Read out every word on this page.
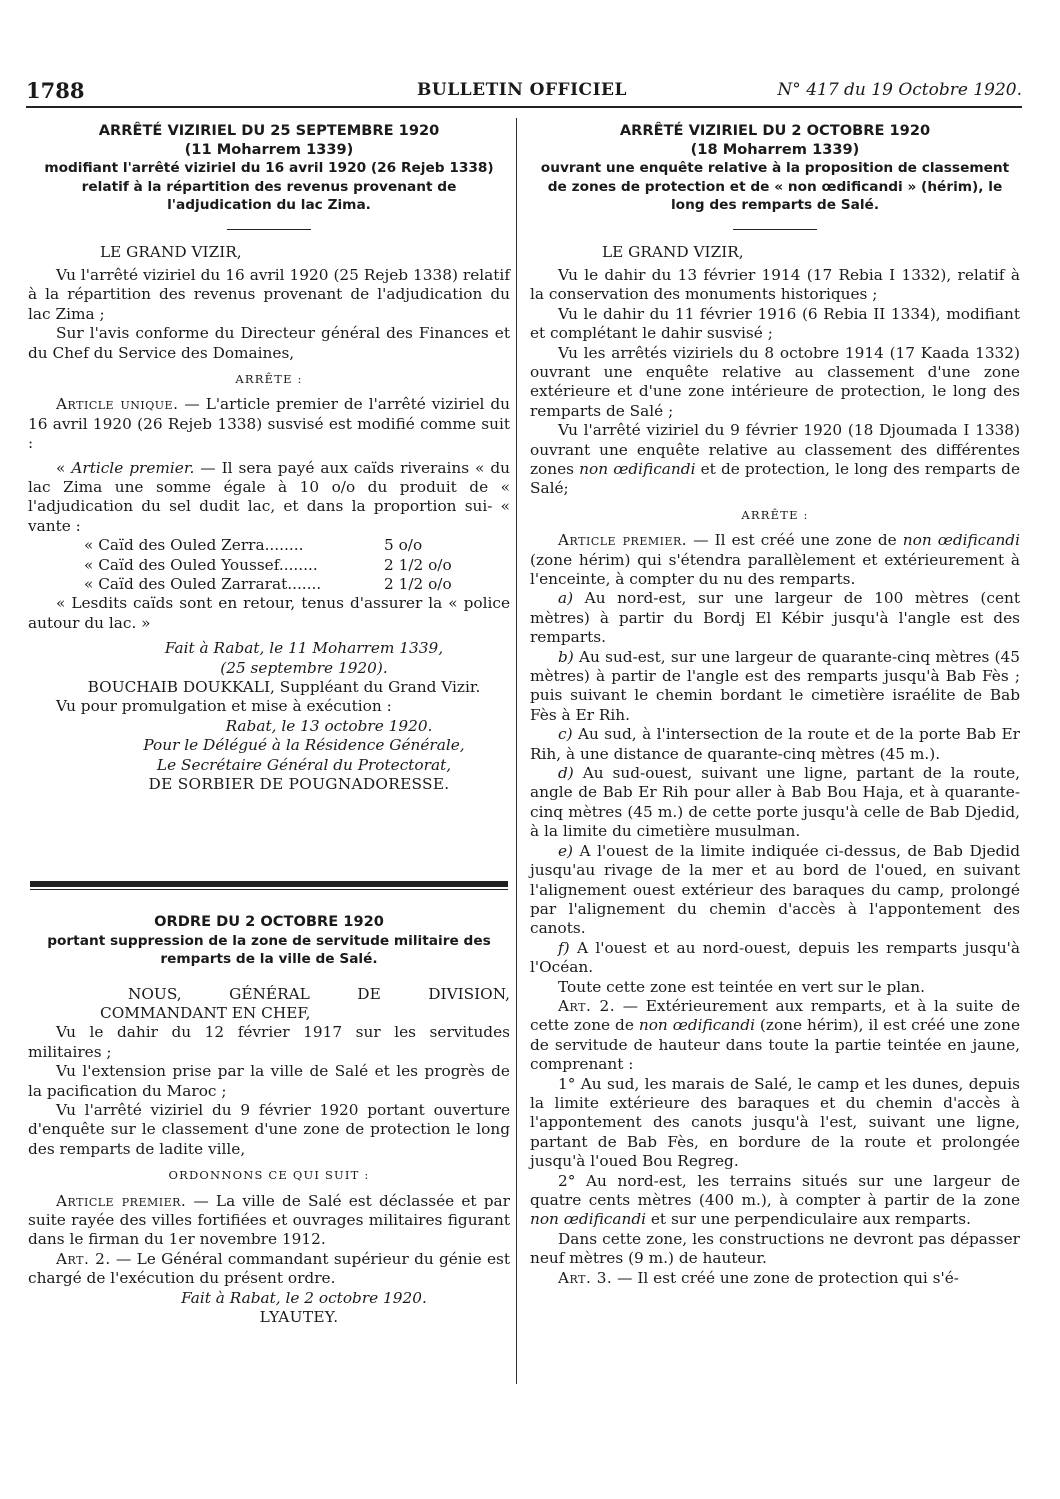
1788	BULLETIN OFFICIEL	N° 417 du 19 Octobre 1920.
ARRÊTÉ VIZIRIEL DU 25 SEPTEMBRE 1920
(11 Moharrem 1339)
modifiant l'arrêté viziriel du 16 avril 1920 (26 Rejeb 1338) relatif à la répartition des revenus provenant de l'adjudication du lac Zima.
LE GRAND VIZIR,

Vu l'arrêté viziriel du 16 avril 1920 (25 Rejeb 1338) relatif à la répartition des revenus provenant de l'adjudication du lac Zima ;

Sur l'avis conforme du Directeur général des Finances et du Chef du Service des Domaines,

ARRÊTE :

Article unique. — L'article premier de l'arrêté viziriel du 16 avril 1920 (26 Rejeb 1338) susvisé est modifié comme suit :

« Article premier. — Il sera payé aux caïds riverains « du lac Zima une somme égale à 10 o/o du produit de « l'adjudication du sel dudit lac, et dans la proportion sui- « vante :

« Caïd des Ouled Zerra........	5 o/o
« Caïd des Ouled Youssef........	2 1/2 o/o
« Caïd des Ouled Zarrarat.......	2 1/2 o/o

« Lesdits caïds sont en retour, tenus d'assurer la « police autour du lac. »

Fait à Rabat, le 11 Moharrem 1339,
(25 septembre 1920).
BOUCHAIB DOUKKALI, Suppléant du Grand Vizir.

Vu pour promulgation et mise à exécution :

Rabat, le 13 octobre 1920.
Pour le Délégué à la Résidence Générale,
Le Secrétaire Général du Protectorat,
DE SORBIER DE POUGNADORESSE.
ORDRE DU 2 OCTOBRE 1920
portant suppression de la zone de servitude militaire des remparts de la ville de Salé.

NOUS, GÉNÉRAL DE DIVISION, COMMANDANT EN CHEF,

Vu le dahir du 12 février 1917 sur les servitudes militaires ;

Vu l'extension prise par la ville de Salé et les progrès de la pacification du Maroc ;

Vu l'arrêté viziriel du 9 février 1920 portant ouverture d'enquête sur le classement d'une zone de protection le long des remparts de ladite ville,

ORDONNONS CE QUI SUIT :

Article premier. — La ville de Salé est déclassée et par suite rayée des villes fortifiées et ouvrages militaires figurant dans le firman du 1er novembre 1912.

Art. 2. — Le Général commandant supérieur du génie est chargé de l'exécution du présent ordre.

Fait à Rabat, le 2 octobre 1920.
LYAUTEY.
ARRÊTÉ VIZIRIEL DU 2 OCTOBRE 1920
(18 Moharrem 1339)
ouvrant une enquête relative à la proposition de classement de zones de protection et de « non œdificandi » (hérim), le long des remparts de Salé.
LE GRAND VIZIR,

Vu le dahir du 13 février 1914 (17 Rebia I 1332), relatif à la conservation des monuments historiques ;

Vu le dahir du 11 février 1916 (6 Rebia II 1334), modifiant et complétant le dahir susvisé ;

Vu les arrêtés viziriels du 8 octobre 1914 (17 Kaada 1332) ouvrant une enquête relative au classement d'une zone extérieure et d'une zone intérieure de protection, le long des remparts de Salé ;

Vu l'arrêté viziriel du 9 février 1920 (18 Djoumada I 1338) ouvrant une enquête relative au classement des différentes zones non œdificandi et de protection, le long des remparts de Salé;

ARRÊTE :

Article premier. — Il est créé une zone de non œdificandi (zone hérim) qui s'étendra parallèlement et extérieurement à l'enceinte, à compter du nu des remparts.

a) Au nord-est, sur une largeur de 100 mètres (cent mètres) à partir du Bordj El Kébir jusqu'à l'angle est des remparts.

b) Au sud-est, sur une largeur de quarante-cinq mètres (45 mètres) à partir de l'angle est des remparts jusqu'à Bab Fès ; puis suivant le chemin bordant le cimetière israélite de Bab Fès à Er Rih.

c) Au sud, à l'intersection de la route et de la porte Bab Er Rih, à une distance de quarante-cinq mètres (45 m.).

d) Au sud-ouest, suivant une ligne, partant de la route, angle de Bab Er Rih pour aller à Bab Bou Haja, et à quarante-cinq mètres (45 m.) de cette porte jusqu'à celle de Bab Djedid, à la limite du cimetière musulman.

e) A l'ouest de la limite indiquée ci-dessus, de Bab Djedid jusqu'au rivage de la mer et au bord de l'oued, en suivant l'alignement ouest extérieur des baraques du camp, prolongé par l'alignement du chemin d'accès à l'appontement des canots.

f) A l'ouest et au nord-ouest, depuis les remparts jusqu'à l'Océan.

Toute cette zone est teintée en vert sur le plan.

Art. 2. — Extérieurement aux remparts, et à la suite de cette zone de non œdificandi (zone hérim), il est créé une zone de servitude de hauteur dans toute la partie teintée en jaune, comprenant :

1° Au sud, les marais de Salé, le camp et les dunes, depuis la limite extérieure des baraques et du chemin d'accès à l'appontement des canots jusqu'à l'est, suivant une ligne, partant de Bab Fès, en bordure de la route et prolongée jusqu'à l'oued Bou Regreg.

2° Au nord-est, les terrains situés sur une largeur de quatre cents mètres (400 m.), à compter à partir de la zone non œdificandi et sur une perpendiculaire aux remparts.

Dans cette zone, les constructions ne devront pas dépasser neuf mètres (9 m.) de hauteur.

Art. 3. — Il est créé une zone de protection qui s'é-
